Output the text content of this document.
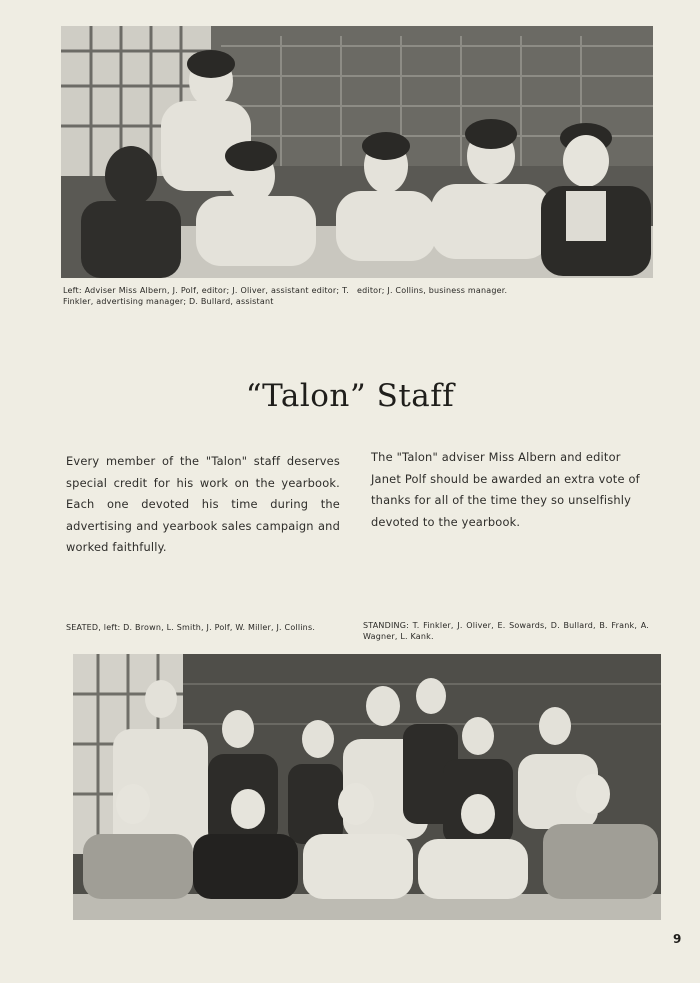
Left: Adviser Miss Albern, J. Polf, editor; J. Oliver, assistant editor; T. Finkler, advertising manager; D. Bullard, assistant
editor; J. Collins, business manager.
“Talon” Staff
Every member of the "Talon" staff deserves special credit for his work on the yearbook. Each one devoted his time during the advertising and yearbook sales campaign and worked faithfully.
The "Talon" adviser Miss Albern and editor Janet Polf should be awarded an extra vote of thanks for all of the time they so unselfishly devoted to the yearbook.
SEATED, left: D. Brown, L. Smith, J. Polf, W. Miller, J. Collins.	STANDING: T. Finkler, J. Oliver, E. Sowards, D. Bullard, B. Frank, A. Wagner, L. Kank.
9
